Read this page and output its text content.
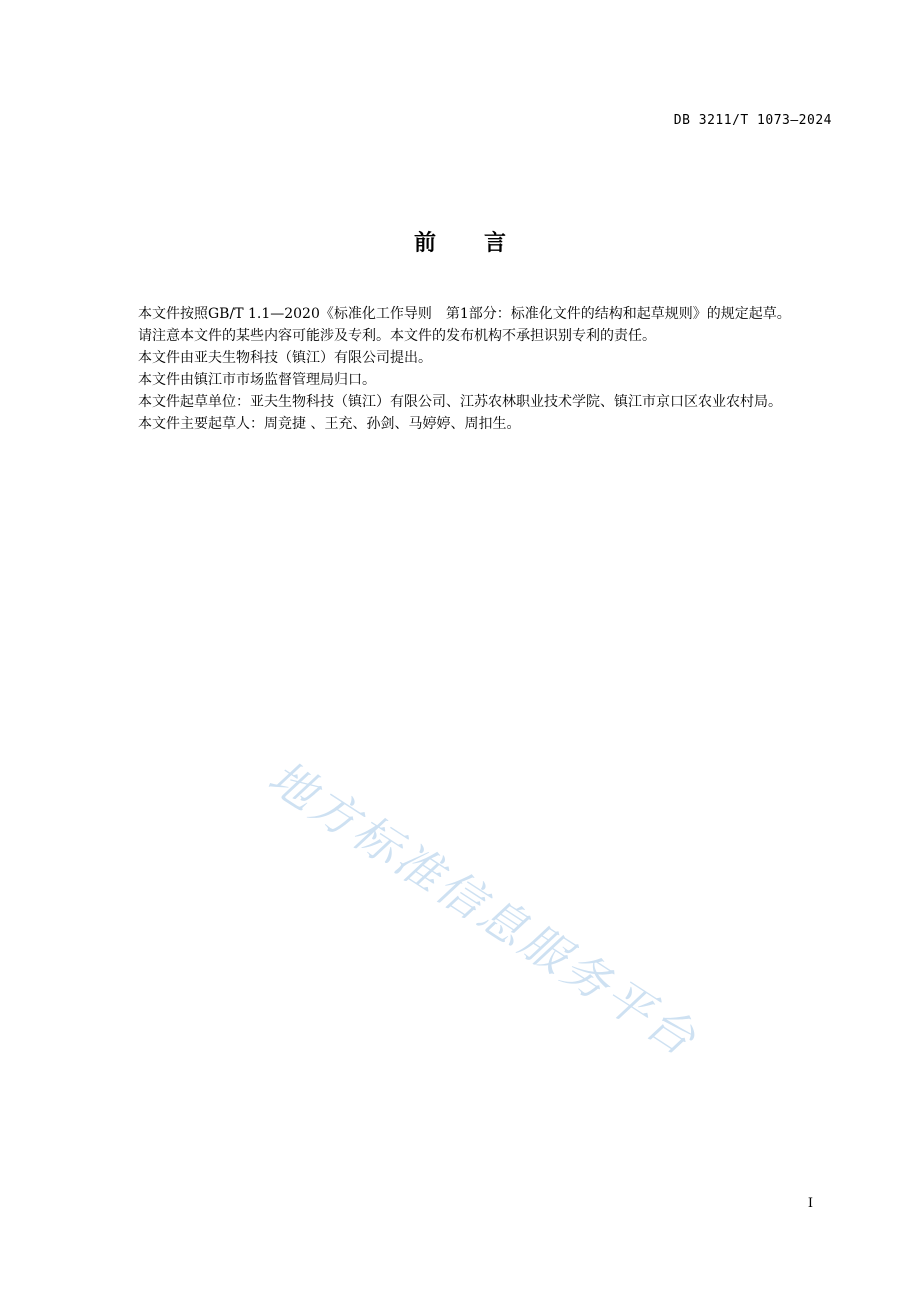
DB 3211/T 1073—2024
前言

本文件按照GB/T 1.1—2020《标准化工作导则　第1部分：标准化文件的结构和起草规则》的规定起草。

请注意本文件的某些内容可能涉及专利。本文件的发布机构不承担识别专利的责任。

本文件由亚夫生物科技（镇江）有限公司提出。

本文件由镇江市市场监督管理局归口。

本文件起草单位：亚夫生物科技（镇江）有限公司、江苏农林职业技术学院、镇江市京口区农业农村局。

本文件主要起草人：周竞捷 、王充、孙剑、马婷婷、周扣生。

地方标准信息服务平台
I
